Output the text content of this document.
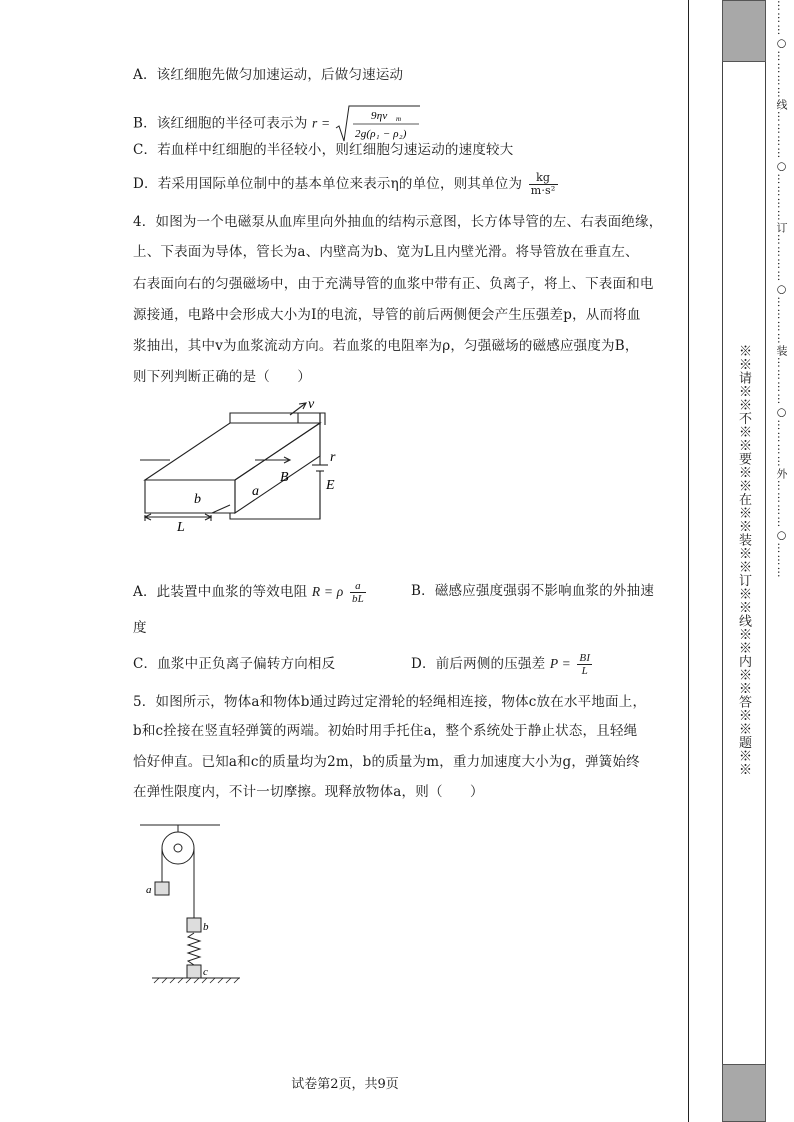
A．该红细胞先做匀加速运动，后做匀速运动
B．该红细胞的半径可表示为 r =	9ηv m
2g(ρ₁ − ρ₂)
C．若血样中红细胞的半径较小，则红细胞匀速运动的速度较大
D．若采用国际单位制中的基本单位来表示η的单位，则其单位为 $\frac{kg}{\text{m·s²}}$
4．如图为一个电磁泵从血库里向外抽血的结构示意图，长方体导管的左、右表面绝缘，
上、下表面为导体，管长为a、内壁高为b、宽为L且内壁光滑。将导管放在垂直左、
右表面向右的匀强磁场中，由于充满导管的血浆中带有正、负离子，将上、下表面和电
源接通，电路中会形成大小为I的电流，导管的前后两侧便会产生压强差p，从而将血
浆抽出，其中v为血浆流动方向。若血浆的电阻率为ρ，匀强磁场的磁感应强度为B，
则下列判断正确的是（　　）
v
r
B
E
a
b
L
A．此装置中血浆的等效电阻 R = ρ $\frac{a}{bL}$	B．磁感应强度强弱不影响血浆的外抽速
度
C．血浆中正负离子偏转方向相反	D．前后两侧的压强差 $P = \frac{BI}{L}$
5．如图所示，物体a和物体b通过跨过定滑轮的轻绳相连接，物体c放在水平地面上，
b和c拴接在竖直轻弹簧的两端。初始时用手托住a，整个系统处于静止状态，且轻绳
恰好伸直。已知a和c的质量均为2m，b的质量为m，重力加速度大小为g，弹簧始终
在弹性限度内，不计一切摩擦。现释放物体a，则（　　）
a
b
c
试卷第2页，共9页
※※请※※不※※要※※在※※装※※订※※线※※内※※答※※题※※	………○…………线…………○…………订…………○…………装…………○…………外…………○………
